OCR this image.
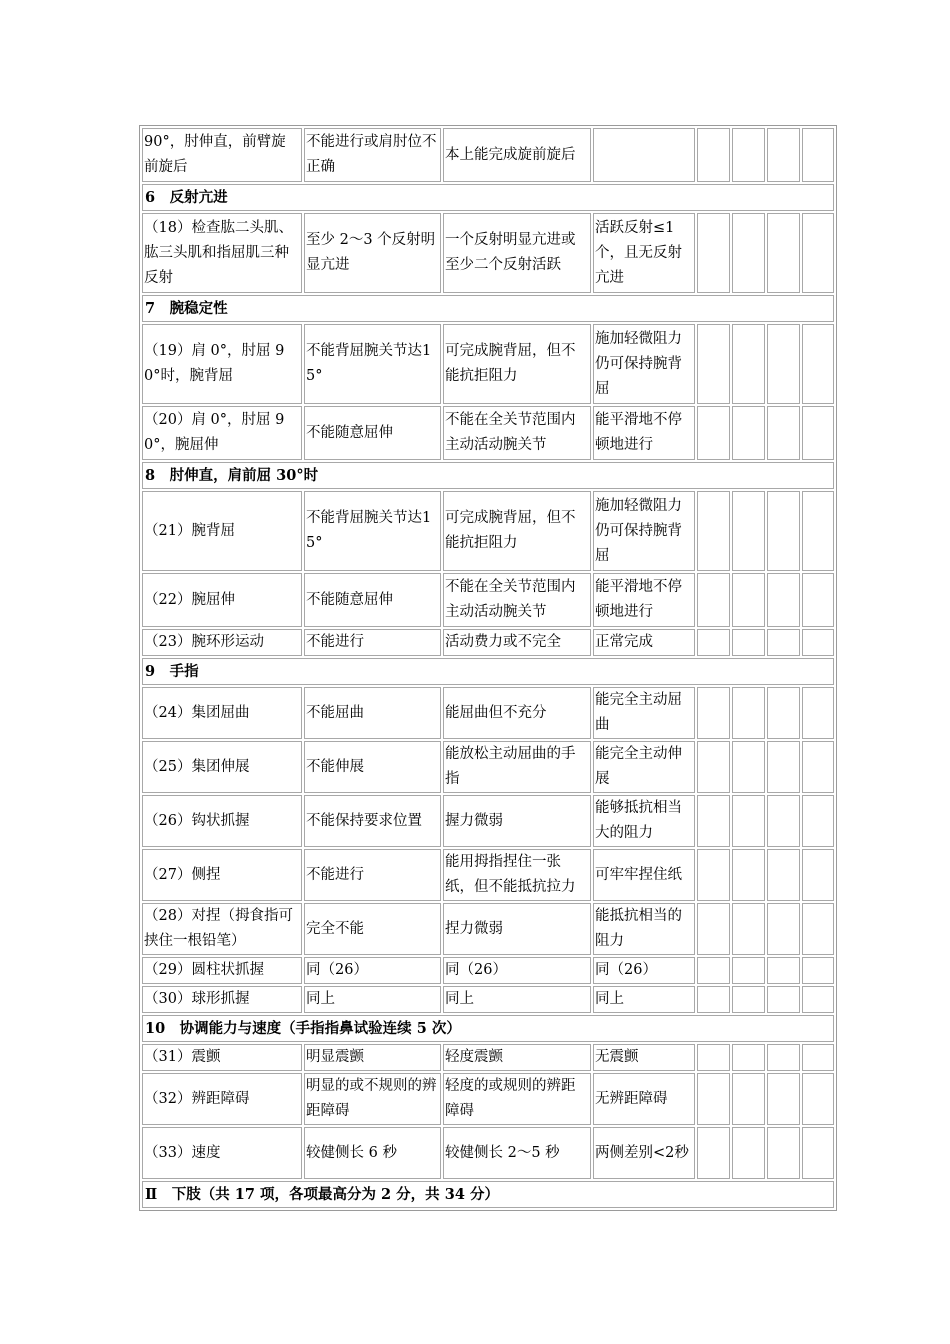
90°，肘伸直，前臂旋前旋后	不能进行或肩肘位不正确	本上能完成旋前旋后					
6　反射亢进							
（18）检查肱二头肌、肱三头肌和指屈肌三种反射	至少 2～3 个反射明显亢进	一个反射明显亢进或至少二个反射活跃	活跃反射≤1个，且无反射亢进				
7　腕稳定性							
（19）肩 0°，肘屈 90°时，腕背屈	不能背屈腕关节达15°	可完成腕背屈，但不能抗拒阻力	施加轻微阻力仍可保持腕背屈				
（20）肩 0°，肘屈 90°，腕屈伸	不能随意屈伸	不能在全关节范围内主动活动腕关节	能平滑地不停顿地进行				
8　肘伸直，肩前屈 30°时							
（21）腕背屈	不能背屈腕关节达15°	可完成腕背屈，但不能抗拒阻力	施加轻微阻力仍可保持腕背屈				
（22）腕屈伸	不能随意屈伸	不能在全关节范围内主动活动腕关节	能平滑地不停顿地进行				
（23）腕环形运动	不能进行	活动费力或不完全	正常完成				
9　手指							
（24）集团屈曲	不能屈曲	能屈曲但不充分	能完全主动屈曲				
（25）集团伸展	不能伸展	能放松主动屈曲的手指	能完全主动伸展				
（26）钩状抓握	不能保持要求位置	握力微弱	能够抵抗相当大的阻力				
（27）侧捏	不能进行	能用拇指捏住一张纸，但不能抵抗拉力	可牢牢捏住纸				
（28）对捏（拇食指可挟住一根铅笔）	完全不能	捏力微弱	能抵抗相当的阻力				
（29）圆柱状抓握	同（26）	同（26）	同（26）				
（30）球形抓握	同上	同上	同上				
10　协调能力与速度（手指指鼻试验连续 5 次）							
（31）震颤	明显震颤	轻度震颤	无震颤				
（32）辨距障碍	明显的或不规则的辨距障碍	轻度的或规则的辨距障碍	无辨距障碍				
（33）速度	较健侧长 6 秒	较健侧长 2～5 秒	两侧差别<2秒				
Ⅱ　下肢（共 17 项，各项最高分为 2 分，共 34 分）							
